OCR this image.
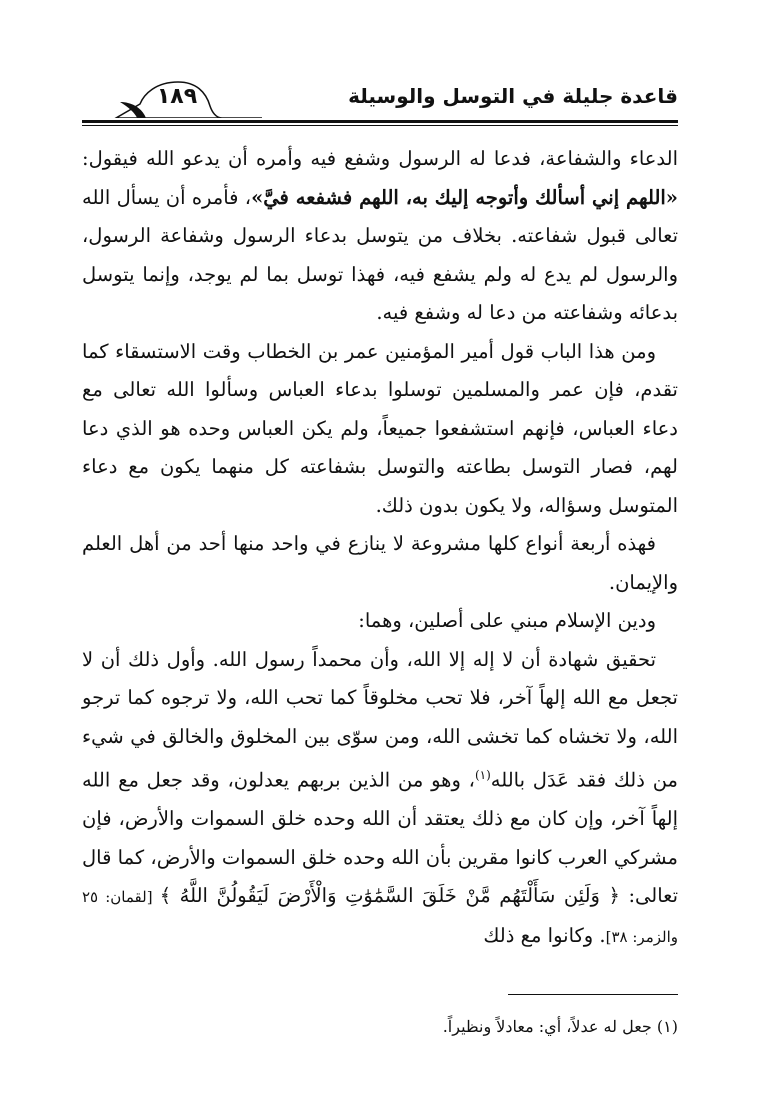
قاعدة جليلة في التوسل والوسيلة
١٨٩

الدعاء والشفاعة، فدعا له الرسول وشفع فيه وأمره أن يدعو الله فيقول: «اللهم إني أسألك وأتوجه إليك به، اللهم فشفعه فيَّ»، فأمره أن يسأل الله تعالى قبول شفاعته. بخلاف من يتوسل بدعاء الرسول وشفاعة الرسول، والرسول لم يدع له ولم يشفع فيه، فهذا توسل بما لم يوجد، وإنما يتوسل بدعائه وشفاعته من دعا له وشفع فيه.

ومن هذا الباب قول أمير المؤمنين عمر بن الخطاب وقت الاستسقاء كما تقدم، فإن عمر والمسلمين توسلوا بدعاء العباس وسألوا الله تعالى مع دعاء العباس، فإنهم استشفعوا جميعاً، ولم يكن العباس وحده هو الذي دعا لهم، فصار التوسل بطاعته والتوسل بشفاعته كل منهما يكون مع دعاء المتوسل وسؤاله، ولا يكون بدون ذلك.

فهذه أربعة أنواع كلها مشروعة لا ينازع في واحد منها أحد من أهل العلم والإيمان.

ودين الإسلام مبني على أصلين، وهما:

تحقيق شهادة أن لا إله إلا الله، وأن محمداً رسول الله. وأول ذلك أن لا تجعل مع الله إلهاً آخر، فلا تحب مخلوقاً كما تحب الله، ولا ترجوه كما ترجو الله، ولا تخشاه كما تخشى الله، ومن سوّى بين المخلوق والخالق في شيء من ذلك فقد عَدَل بالله$^{(١)}$، وهو من الذين بربهم يعدلون، وقد جعل مع الله إلهاً آخر، وإن كان مع ذلك يعتقد أن الله وحده خلق السموات والأرض، فإن مشركي العرب كانوا مقرين بأن الله وحده خلق السموات والأرض، كما قال تعالى: ﴿ وَلَئِن سَأَلْتَهُم مَّنْ خَلَقَ السَّمَٰوَٰتِ وَالْأَرْضَ لَيَقُولُنَّ اللَّهُ ﴾ [لقمان: ٢٥ والزمر: ٣٨]. وكانوا مع ذلك

(١) جعل له عدلاً، أي: معادلاً ونظيراً.
